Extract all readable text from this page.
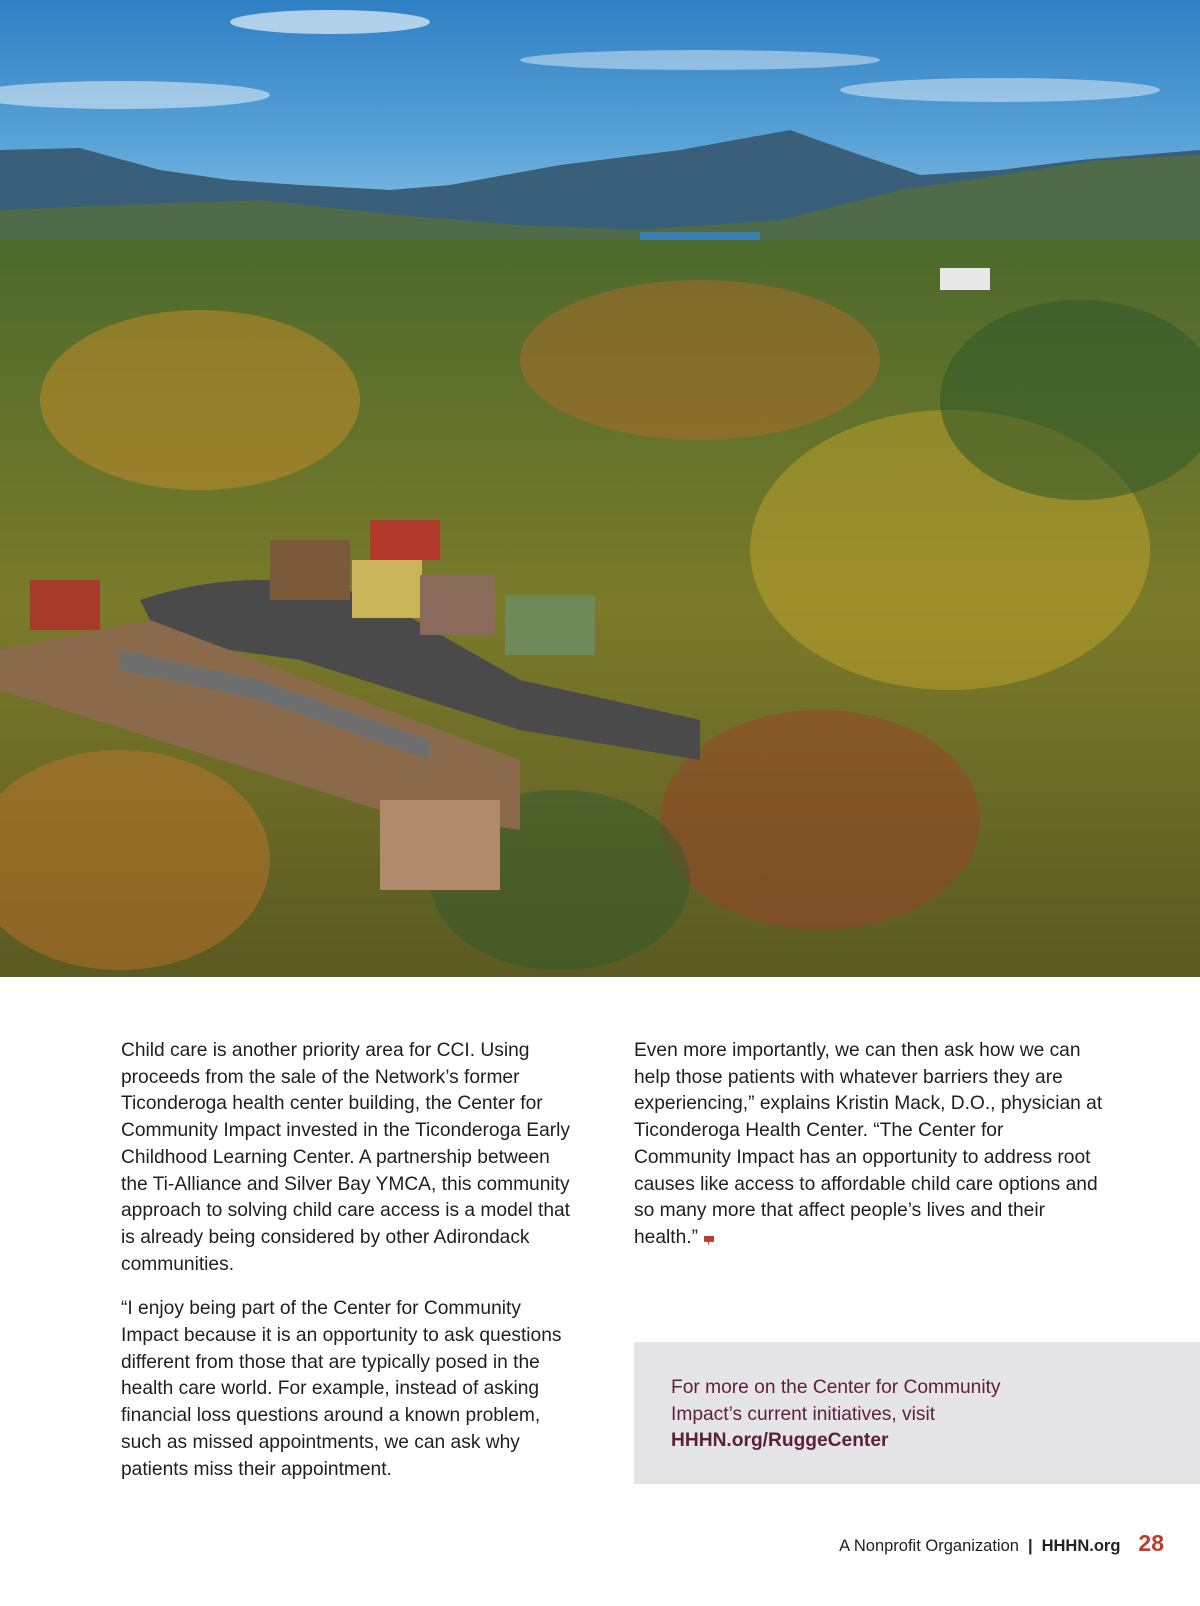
Child care is another priority area for CCI. Using proceeds from the sale of the Network’s former Ticonderoga health center building, the Center for Community Impact invested in the Ticonderoga Early Childhood Learning Center. A partnership between the Ti-Alliance and Silver Bay YMCA, this community approach to solving child care access is a model that is already being considered by other Adirondack communities.

“I enjoy being part of the Center for Community Impact because it is an opportunity to ask questions different from those that are typically posed in the health care world. For example, instead of asking financial loss questions around a known problem, such as missed appointments, we can ask why patients miss their appointment.

Even more importantly, we can then ask how we can help those patients with whatever barriers they are experiencing,” explains Kristin Mack, D.O., physician at Ticonderoga Health Center. “The Center for Community Impact has an opportunity to address root causes like access to affordable child care options and so many more that affect people’s lives and their health.”

For more on the Center for Community Impact’s current initiatives, visit HHHN.org/RuggeCenter

A Nonprofit Organization | HHHN.org 28
